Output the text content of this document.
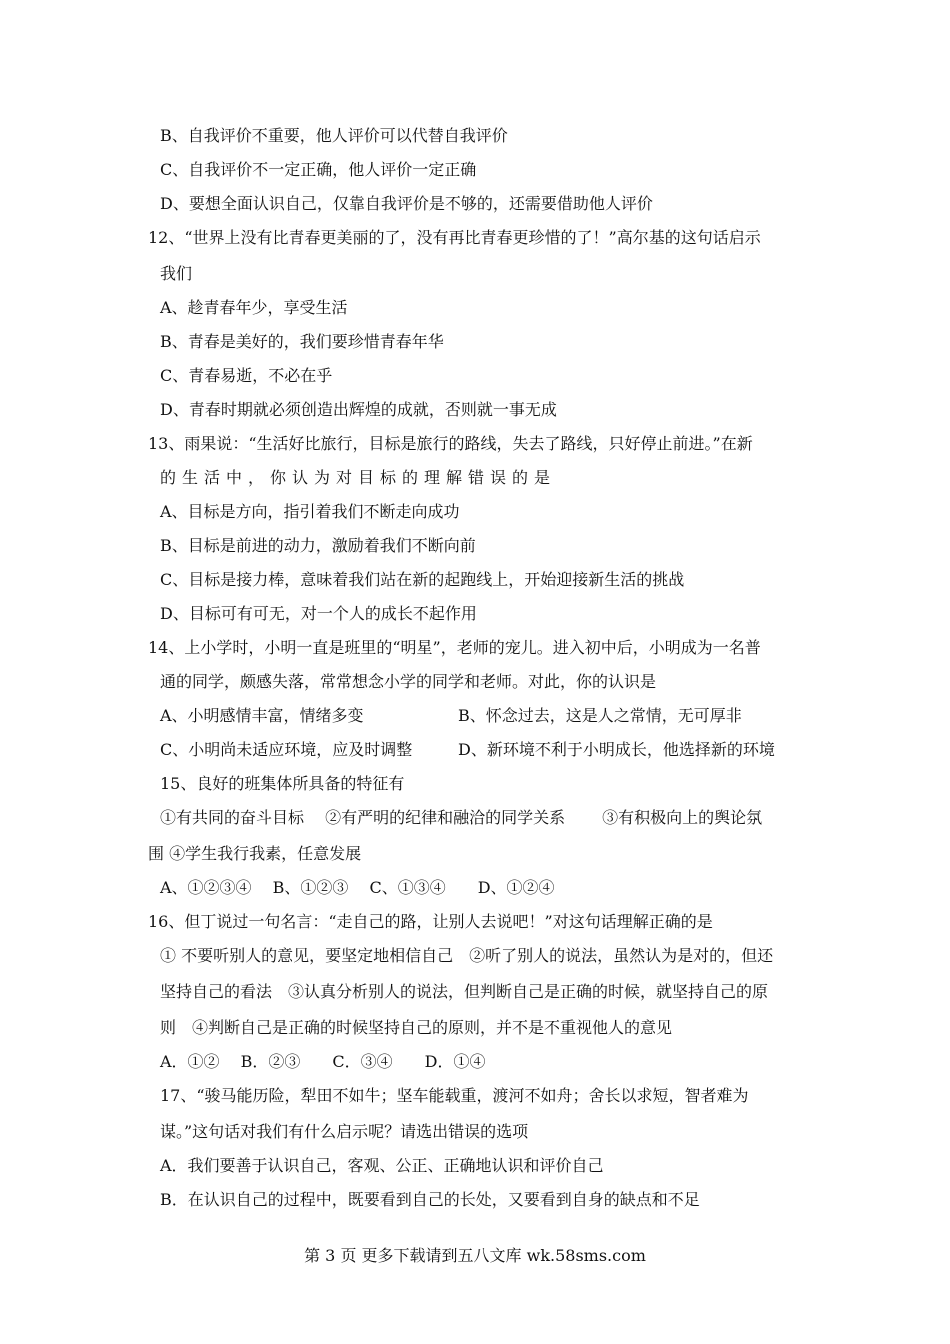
B、自我评价不重要，他人评价可以代替自我评价
C、自我评价不一定正确，他人评价一定正确
D、要想全面认识自己，仅靠自我评价是不够的，还需要借助他人评价
12、“世界上没有比青春更美丽的了，没有再比青春更珍惜的了！”高尔基的这句话启示
我们
A、趁青春年少，享受生活
B、青春是美好的，我们要珍惜青春年华
C、青春易逝，不必在乎
D、青春时期就必须创造出辉煌的成就，否则就一事无成
13、雨果说：“生活好比旅行，目标是旅行的路线，失去了路线，只好停止前进。”在新
的生活中，你认为对目标的理解错误的是
A、目标是方向，指引着我们不断走向成功
B、目标是前进的动力，激励着我们不断向前
C、目标是接力棒，意味着我们站在新的起跑线上，开始迎接新生活的挑战
D、目标可有可无，对一个人的成长不起作用
14、上小学时，小明一直是班里的“明星”，老师的宠儿。进入初中后，小明成为一名普
通的同学，颇感失落，常常想念小学的同学和老师。对此，你的认识是
A、小明感情丰富，情绪多变	B、怀念过去，这是人之常情，无可厚非
C、小明尚未适应环境，应及时调整	D、新环境不利于小明成长，他选择新的环境
15、良好的班集体所具备的特征有
①有共同的奋斗目标　 ②有严明的纪律和融洽的同学关系　　 ③有积极向上的舆论氛
围 ④学生我行我素，任意发展
A、①②③④　 B、①②③　 C、①③④　　D、①②④
16、但丁说过一句名言：“走自己的路，让别人去说吧！”对这句话理解正确的是
① 不要听别人的意见，要坚定地相信自己　②听了别人的说法，虽然认为是对的，但还
坚持自己的看法　③认真分析别人的说法，但判断自己是正确的时候，就坚持自己的原
则　④判断自己是正确的时候坚持自己的原则，并不是不重视他人的意见
A．①②　 B．②③　　C．③④　　D．①④
17、“骏马能历险，犁田不如牛；坚车能载重，渡河不如舟；舍长以求短，智者难为
谋。”这句话对我们有什么启示呢？请选出错误的选项
A．我们要善于认识自己，客观、公正、正确地认识和评价自己
B．在认识自己的过程中，既要看到自己的长处，又要看到自身的缺点和不足
第 3 页 更多下载请到五八文库 wk.58sms.com
